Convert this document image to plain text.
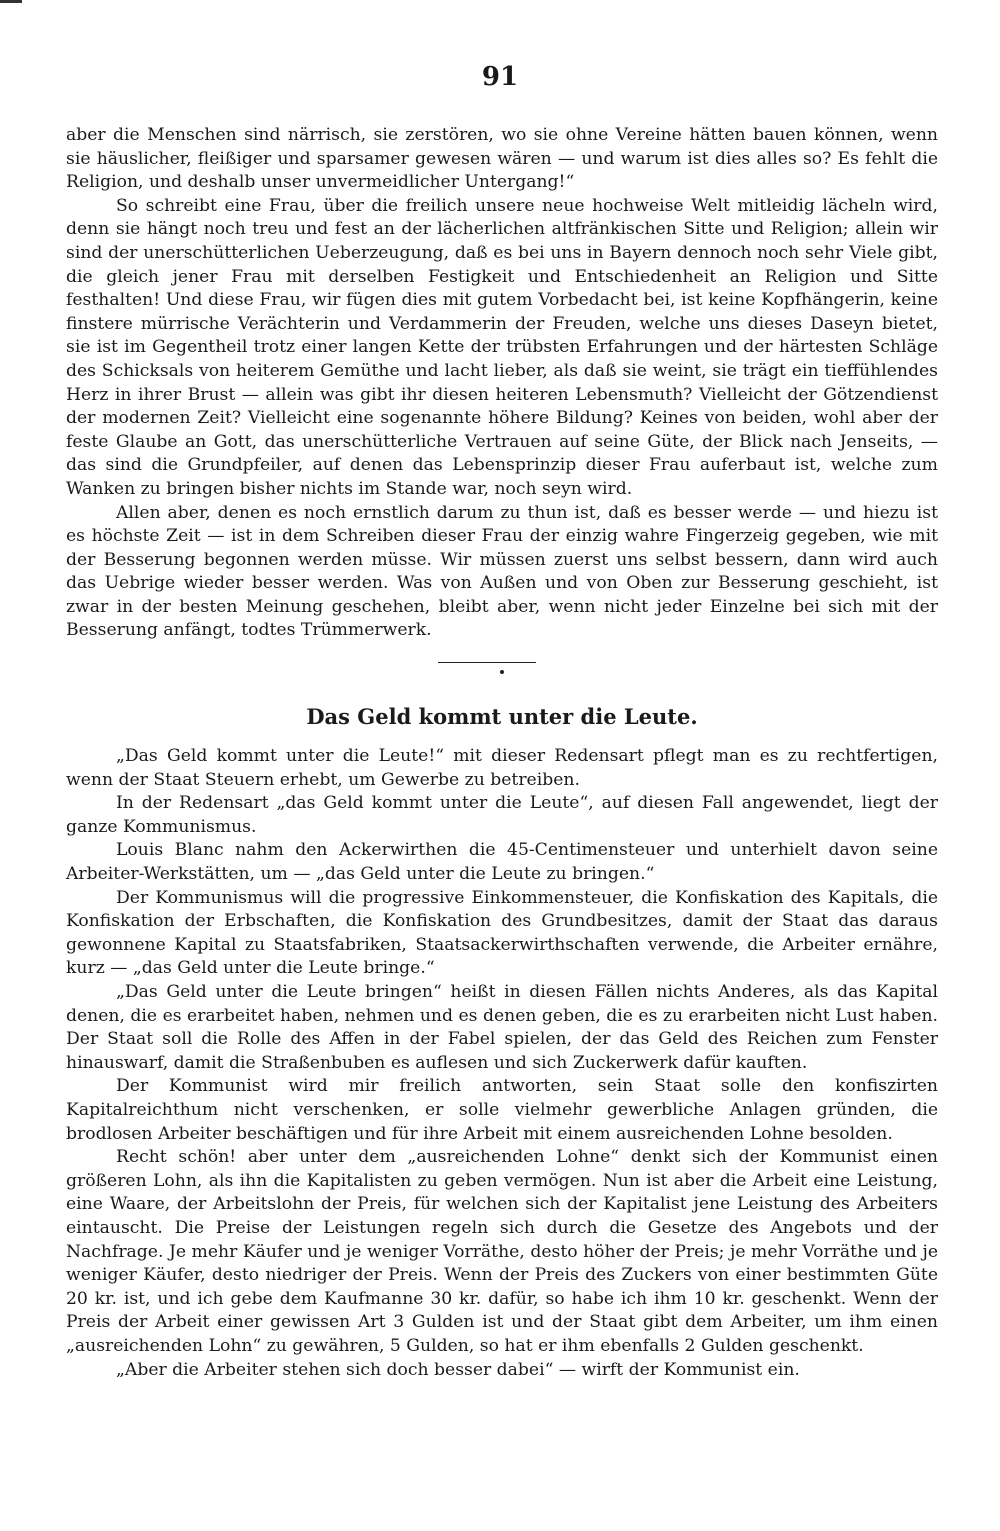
91

aber die Menschen sind närrisch, sie zerstören, wo sie ohne Vereine hätten bauen können, wenn sie häuslicher, fleißiger und sparsamer gewesen wären — und warum ist dies alles so? Es fehlt die Religion, und deshalb unser unvermeidlicher Untergang!“

So schreibt eine Frau, über die freilich unsere neue hochweise Welt mitleidig lächeln wird, denn sie hängt noch treu und fest an der lächerlichen altfränkischen Sitte und Religion; allein wir sind der unerschütterlichen Ueberzeugung, daß es bei uns in Bayern dennoch noch sehr Viele gibt, die gleich jener Frau mit derselben Festigkeit und Entschiedenheit an Religion und Sitte festhalten! Und diese Frau, wir fügen dies mit gutem Vorbedacht bei, ist keine Kopfhängerin, keine finstere mürrische Verächterin und Verdammerin der Freuden, welche uns dieses Daseyn bietet, sie ist im Gegentheil trotz einer langen Kette der trübsten Erfahrungen und der härtesten Schläge des Schicksals von heiterem Gemüthe und lacht lieber, als daß sie weint, sie trägt ein tieffühlendes Herz in ihrer Brust — allein was gibt ihr diesen heiteren Lebensmuth? Vielleicht der Götzendienst der modernen Zeit? Vielleicht eine sogenannte höhere Bildung? Keines von beiden, wohl aber der feste Glaube an Gott, das unerschütterliche Vertrauen auf seine Güte, der Blick nach Jenseits, — das sind die Grundpfeiler, auf denen das Lebensprinzip dieser Frau auferbaut ist, welche zum Wanken zu bringen bisher nichts im Stande war, noch seyn wird.

Allen aber, denen es noch ernstlich darum zu thun ist, daß es besser werde — und hiezu ist es höchste Zeit — ist in dem Schreiben dieser Frau der einzig wahre Fingerzeig gegeben, wie mit der Besserung begonnen werden müsse. Wir müssen zuerst uns selbst bessern, dann wird auch das Uebrige wieder besser werden. Was von Außen und von Oben zur Besserung geschieht, ist zwar in der besten Meinung geschehen, bleibt aber, wenn nicht jeder Einzelne bei sich mit der Besserung anfängt, todtes Trümmerwerk.

Das Geld kommt unter die Leute.

„Das Geld kommt unter die Leute!“ mit dieser Redensart pflegt man es zu rechtfertigen, wenn der Staat Steuern erhebt, um Gewerbe zu betreiben.

In der Redensart „das Geld kommt unter die Leute“, auf diesen Fall angewendet, liegt der ganze Kommunismus.

Louis Blanc nahm den Ackerwirthen die 45-Centimensteuer und unterhielt davon seine Arbeiter-Werkstätten, um — „das Geld unter die Leute zu bringen.“

Der Kommunismus will die progressive Einkommensteuer, die Konfiskation des Kapitals, die Konfiskation der Erbschaften, die Konfiskation des Grundbesitzes, damit der Staat das daraus gewonnene Kapital zu Staatsfabriken, Staatsackerwirthschaften verwende, die Arbeiter ernähre, kurz — „das Geld unter die Leute bringe.“

„Das Geld unter die Leute bringen“ heißt in diesen Fällen nichts Anderes, als das Kapital denen, die es erarbeitet haben, nehmen und es denen geben, die es zu erarbeiten nicht Lust haben. Der Staat soll die Rolle des Affen in der Fabel spielen, der das Geld des Reichen zum Fenster hinauswarf, damit die Straßenbuben es auflesen und sich Zuckerwerk dafür kauften.

Der Kommunist wird mir freilich antworten, sein Staat solle den konfiszirten Kapitalreichthum nicht verschenken, er solle vielmehr gewerbliche Anlagen gründen, die brodlosen Arbeiter beschäftigen und für ihre Arbeit mit einem ausreichenden Lohne besolden.

Recht schön! aber unter dem „ausreichenden Lohne“ denkt sich der Kommunist einen größeren Lohn, als ihn die Kapitalisten zu geben vermögen. Nun ist aber die Arbeit eine Leistung, eine Waare, der Arbeitslohn der Preis, für welchen sich der Kapitalist jene Leistung des Arbeiters eintauscht. Die Preise der Leistungen regeln sich durch die Gesetze des Angebots und der Nachfrage. Je mehr Käufer und je weniger Vorräthe, desto höher der Preis; je mehr Vorräthe und je weniger Käufer, desto niedriger der Preis. Wenn der Preis des Zuckers von einer bestimmten Güte 20 kr. ist, und ich gebe dem Kaufmanne 30 kr. dafür, so habe ich ihm 10 kr. geschenkt. Wenn der Preis der Arbeit einer gewissen Art 3 Gulden ist und der Staat gibt dem Arbeiter, um ihm einen „ausreichenden Lohn“ zu gewähren, 5 Gulden, so hat er ihm ebenfalls 2 Gulden geschenkt.

„Aber die Arbeiter stehen sich doch besser dabei“ — wirft der Kommunist ein.
